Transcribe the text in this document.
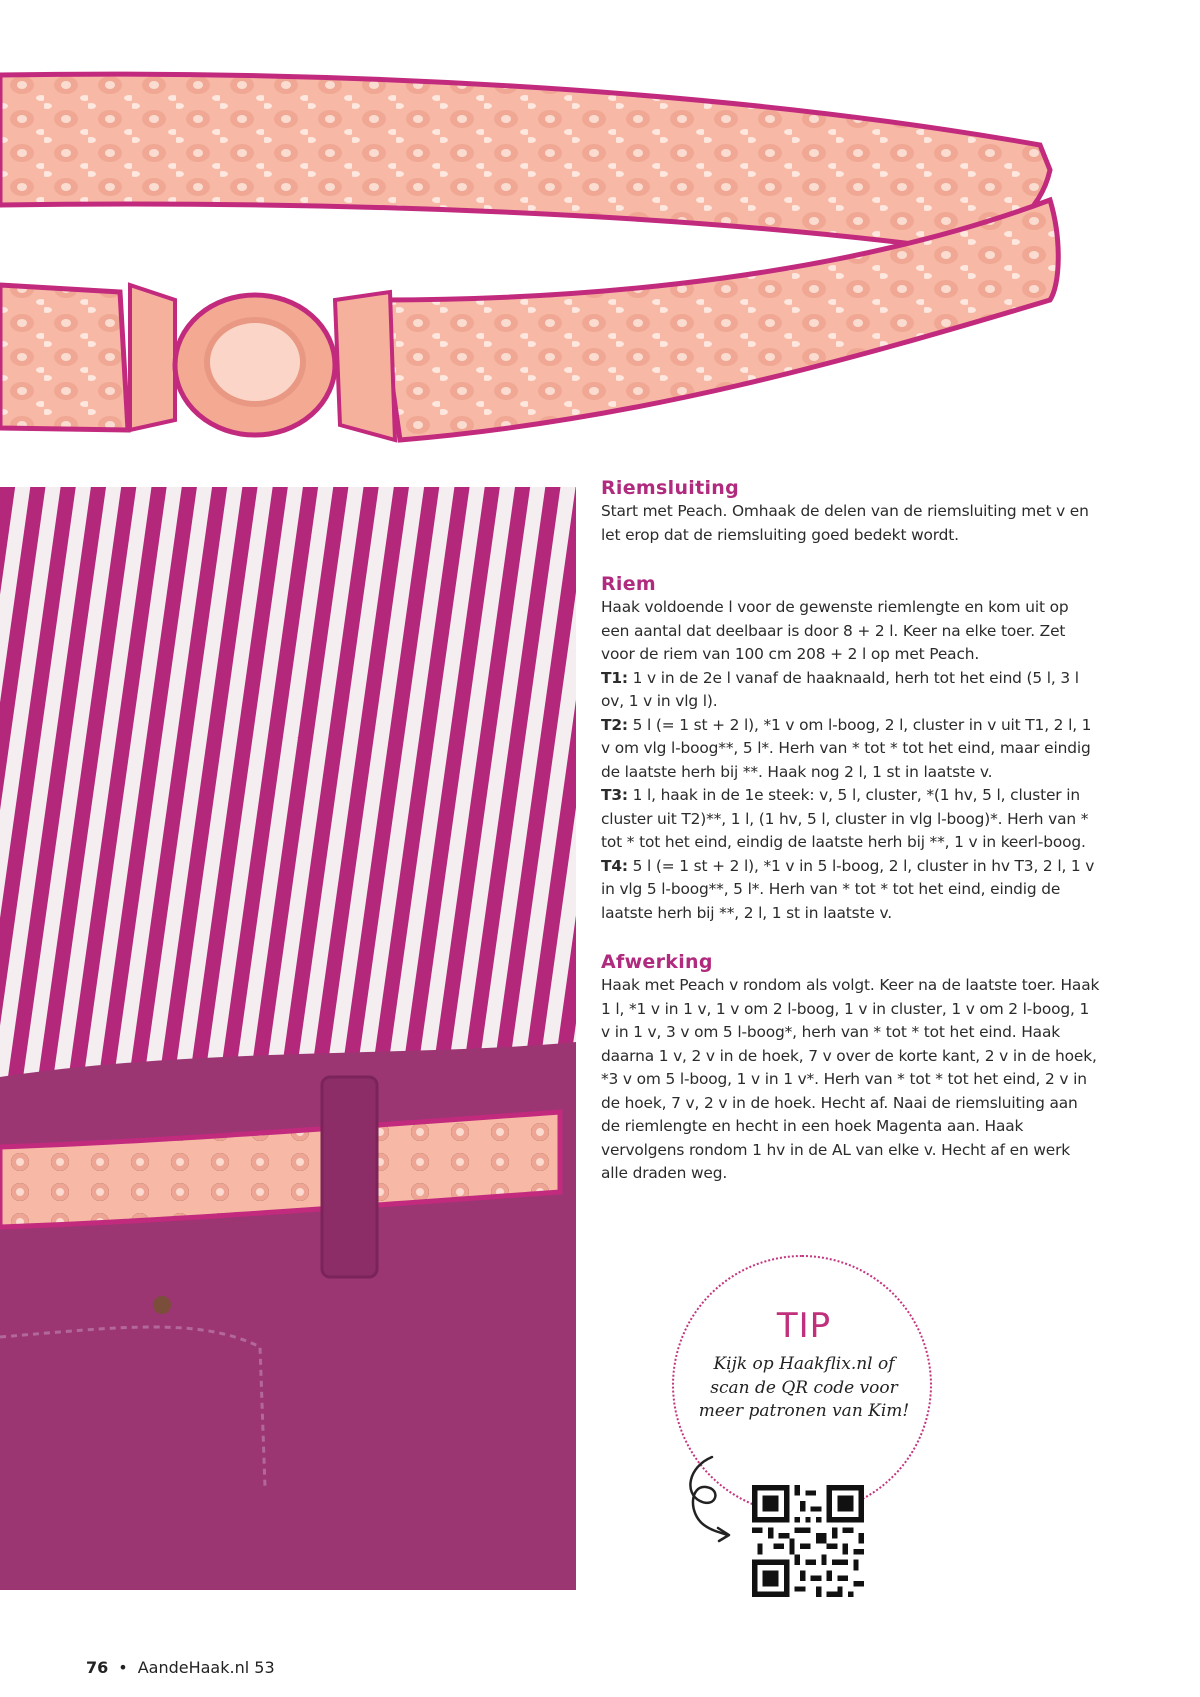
Riemsluiting
Start met Peach. Omhaak de delen van de riemsluiting met v en let erop dat de riemsluiting goed bedekt wordt.
Riem
Haak voldoende l voor de gewenste riemlengte en kom uit op een aantal dat deelbaar is door 8 + 2 l. Keer na elke toer. Zet voor de riem van 100 cm 208 + 2 l op met Peach.
T1: 1 v in de 2e l vanaf de haaknaald, herh tot het eind (5 l, 3 l ov, 1 v in vlg l).
T2: 5 l (= 1 st + 2 l), *1 v om l-boog, 2 l, cluster in v uit T1, 2 l, 1 v om vlg l-boog**, 5 l*. Herh van * tot * tot het eind, maar eindig de laatste herh bij **. Haak nog 2 l, 1 st in laatste v.
T3: 1 l, haak in de 1e steek: v, 5 l, cluster, *(1 hv, 5 l, cluster in cluster uit T2)**, 1 l, (1 hv, 5 l, cluster in vlg l-boog)*. Herh van * tot * tot het eind, eindig de laatste herh bij **, 1 v in keerl-boog.
T4: 5 l (= 1 st + 2 l), *1 v in 5 l-boog, 2 l, cluster in hv T3, 2 l, 1 v in vlg 5 l-boog**, 5 l*. Herh van * tot * tot het eind, eindig de laatste herh bij **, 2 l, 1 st in laatste v.
Afwerking
Haak met Peach v rondom als volgt. Keer na de laatste toer. Haak 1 l, *1 v in 1 v, 1 v om 2 l-boog, 1 v in cluster, 1 v om 2 l-boog, 1 v in 1 v, 3 v om 5 l-boog*, herh van * tot * tot het eind. Haak daarna 1 v, 2 v in de hoek, 7 v over de korte kant, 2 v in de hoek, *3 v om 5 l-boog, 1 v in 1 v*. Herh van * tot * tot het eind, 2 v in de hoek, 7 v, 2 v in de hoek. Hecht af. Naai de riemsluiting aan de riemlengte en hecht in een hoek Magenta aan. Haak vervolgens rondom 1 hv in de AL van elke v. Hecht af en werk alle draden weg.
TIP
Kijk op Haakflix.nl of scan de QR code voor meer patronen van Kim!
76 • AandeHaak.nl 53
